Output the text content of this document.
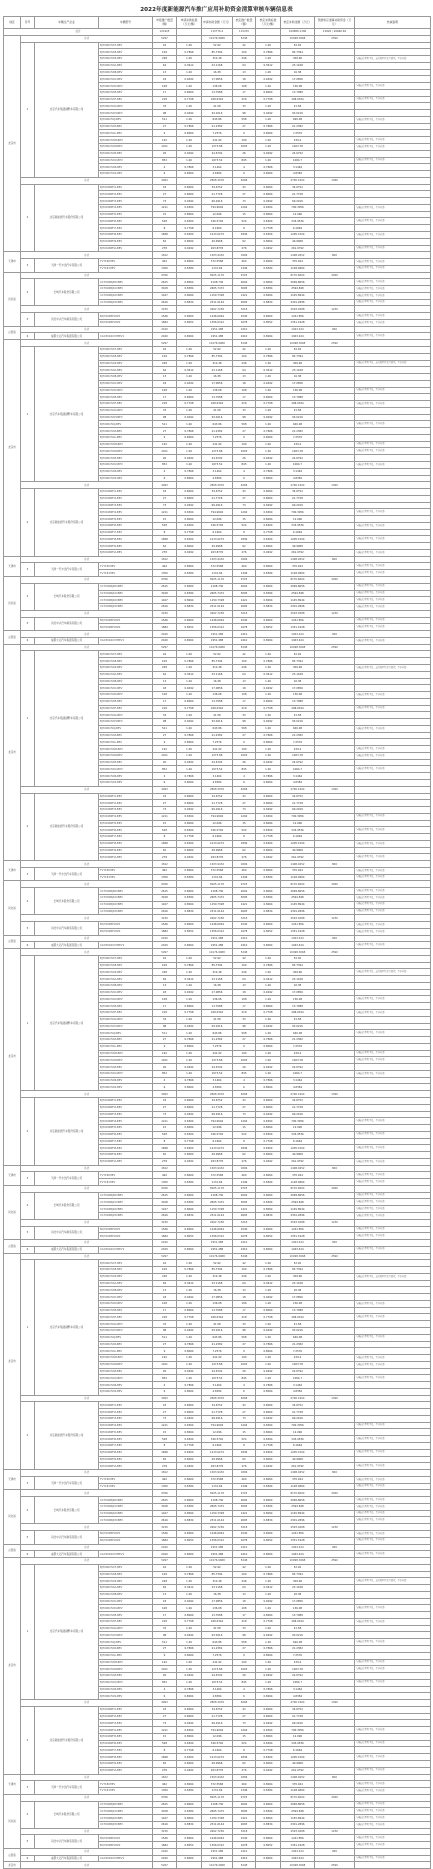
2022年度新能源汽车推广应用补助资金清算审核车辆信息表
地区	序号	车辆生产企业	车辆型号	申报推广数量（辆）	申请补助标准（万元/辆）	申请补助金额（万元）	核定推广数量（辆）	核定补助标准（万元/辆）	核定补助金额（万元）	预拨和应清算补助资金（万元）	核减说明
总计				121925		115776.4	115470		109886.1306	12820 / 26666.69	
北京市	小计			5297		10176.9068	5248		10098.3068	2590	
	1	北京汽车集团越野车有限公司	BJ7000C5D7-BEV	42	1.26	52.92	42	1.26	52.92		
			BJ7000C5D8-BEV	109	0.7866	85.7394	109	0.7866	85.7394		
			BJ7000C5D9-BEV	248	1.26	312.48	246	1.26	309.96		车辆运行里程不足、运行时间不足等原因，不予补助
			BJ7000C5DA-BEV	64	0.3612	23.1168	64	0.3612	23.1168		
			BJ7000C5DB-BEV	13	1.26	16.38	13	1.26	16.38		
			BJ7000C5DC-BEV	18	0.9492	17.0856	18	0.9492	17.0856		
			BJ7000C5DD-BEV	108	1.26	136.08	108	1.26	136.08		车辆运行里程不足，不予补助
			BJ7000C5DE-BEV	17	0.8064	13.7088	17	0.8064	13.7088		
			BJ7000C5DF-BEV	218	0.7708	168.0344	218	0.7708	168.0344		车辆运行里程不足，不予补助
			BJ7000C5DG-BEV	33	1.26	41.58	33	1.26	41.58		
			BJ7000C5DH-BEV	98	0.9492	93.0216	98	0.9492	93.0216		
			BJ7000C5DJ-BEV	511	1.26	643.86	508	1.26	640.08		车辆运行里程不足，不予补助
			BJ7000C5DK-BEV	27	0.7866	21.2382	27	0.7866	21.2382		
			BJ7000C5DL-BEV	9	0.8064	7.2576	9	0.8064	7.2576		
			BJ7000C5DM-BEV	192	1.26	241.92	190	1.26	239.4		车辆运行里程不足，不予补助
			BJ7000C5DN-BEV	1011	1.26	1273.86	1003	1.26	1263.78		车辆运行里程不足，不予补助
			BJ7000C5DP-BEV	26	0.9492	24.6792	26	0.9492	24.6792		
			BJ7000C5DQ-BEV	852	1.26	1073.52	845	1.26	1064.7		车辆运行里程不足，不予补助
			BJ7000C5DR-BEV	4	0.7866	3.1464	4	0.7866	3.1464		
			BJ7000C5DS-BEV	6	0.8064	4.8384	6	0.8064	4.8384		
	小计			4093		2808.3976	4068		2790.1904	1390	
	2	北京新能源汽车股份有限公司	BJ7001BPH1-BEV	43	0.8064	34.6752	43	0.8064	34.6752		
			BJ7001BPH2-BEV	27	0.8064	21.7728	27	0.8064	21.7728		
			BJ7001BPH3-BEV	73	0.9492	69.2916	73	0.9492	69.2916		
			BJ7001BPH4-BEV	1211	0.6564	794.9004	1204	0.6564	790.3056		车辆运行里程不足，不予补助
			BJ7001BPH5-BEV	15	0.8064	12.096	15	0.8064	12.096		
			BJ7001BPH6-BEV	528	0.6564	346.5792	524	0.6564	343.9536		车辆运行里程不足，不予补助
			BJ7001BPH7-BEV	8	0.7708	6.1664	8	0.7708	6.1664		
			BJ7001BPH8-BEV	1848	0.6564	1213.0272	1836	0.6564	1205.1504		车辆运行里程不足，不予补助
			BJ7001BPH9-BEV	62	0.8064	49.9968	62	0.8064	49.9968		
			BJ7001BPHA-BEV	278	0.9492	263.8776	276	0.9492	261.9792		车辆运行里程不足，不予补助
天津市	小计			1812		1503.9432	1806		1498.9452	800	
	3	天津一汽丰田汽车有限公司	TV7180HEV	462	0.8064	372.5568	460	0.8064	370.944		车辆运行里程不足，不予补助
			TV7181HEV	1350	0.8384	1131.84	1346	0.8384	1128.4864		车辆运行里程不足，不予补助
河北省	小计			9766		8205.1176	9725		8170.6604	3940	
	4	长城汽车股份有限公司	CC7000BJ00CBEV	2615	0.8064	2108.736	2604	0.8064	2099.8656		车辆运行里程不足，不予补助
			CC7000BJ01CBEV	3108	0.8384	2605.7472	3095	0.8384	2594.848		车辆运行里程不足，不予补助
			CC7000BJ02CBEV	1427	0.8064	1150.7328	1421	0.8064	1145.8944		车辆运行里程不足，不予补助
			CC7000BJ03CBEV	2616	0.8834	2311.0144	2605	0.8834	2301.2896		车辆运行里程不足，不予补助
	小计			3230		2602.7256	3218		2593.0488	1230	
	5	河北中兴汽车制造有限公司	BQ7002BEVAP1	1546	0.8064	1246.6944	1540	0.8064	1241.856		车辆运行里程不足，不予补助
			BQ7002BEVAP2	1684	0.8052	1356.0312	1678	0.8052	1351.1928		车辆运行里程不足，不予补助
山西省	小计			2420		1951.488	2410		1943.424	900	
	6	成都大运汽车集团有限公司	CGC5040XXYBEV1	2420	0.8064	1951.488	2410	0.8064	1943.424		车辆运行里程不足，不予补助
北京市	小计			5297		10176.9068	5248		10098.3068	2590	
	1	北京汽车集团越野车有限公司	BJ7000C5D7-BEV	42	1.26	52.92	42	1.26	52.92		
			BJ7000C5D8-BEV	109	0.7866	85.7394	109	0.7866	85.7394		
			BJ7000C5D9-BEV	248	1.26	312.48	246	1.26	309.96		车辆运行里程不足、运行时间不足等原因，不予补助
			BJ7000C5DA-BEV	64	0.3612	23.1168	64	0.3612	23.1168		
			BJ7000C5DB-BEV	13	1.26	16.38	13	1.26	16.38		
			BJ7000C5DC-BEV	18	0.9492	17.0856	18	0.9492	17.0856		
			BJ7000C5DD-BEV	108	1.26	136.08	108	1.26	136.08		车辆运行里程不足，不予补助
			BJ7000C5DE-BEV	17	0.8064	13.7088	17	0.8064	13.7088		
			BJ7000C5DF-BEV	218	0.7708	168.0344	218	0.7708	168.0344		车辆运行里程不足，不予补助
			BJ7000C5DG-BEV	33	1.26	41.58	33	1.26	41.58		
			BJ7000C5DH-BEV	98	0.9492	93.0216	98	0.9492	93.0216		
			BJ7000C5DJ-BEV	511	1.26	643.86	508	1.26	640.08		车辆运行里程不足，不予补助
			BJ7000C5DK-BEV	27	0.7866	21.2382	27	0.7866	21.2382		
			BJ7000C5DL-BEV	9	0.8064	7.2576	9	0.8064	7.2576		
			BJ7000C5DM-BEV	192	1.26	241.92	190	1.26	239.4		车辆运行里程不足，不予补助
			BJ7000C5DN-BEV	1011	1.26	1273.86	1003	1.26	1263.78		车辆运行里程不足，不予补助
			BJ7000C5DP-BEV	26	0.9492	24.6792	26	0.9492	24.6792		
			BJ7000C5DQ-BEV	852	1.26	1073.52	845	1.26	1064.7		车辆运行里程不足，不予补助
			BJ7000C5DR-BEV	4	0.7866	3.1464	4	0.7866	3.1464		
			BJ7000C5DS-BEV	6	0.8064	4.8384	6	0.8064	4.8384		
	小计			4093		2808.3976	4068		2790.1904	1390	
	2	北京新能源汽车股份有限公司	BJ7001BPH1-BEV	43	0.8064	34.6752	43	0.8064	34.6752		
			BJ7001BPH2-BEV	27	0.8064	21.7728	27	0.8064	21.7728		
			BJ7001BPH3-BEV	73	0.9492	69.2916	73	0.9492	69.2916		
			BJ7001BPH4-BEV	1211	0.6564	794.9004	1204	0.6564	790.3056		车辆运行里程不足，不予补助
			BJ7001BPH5-BEV	15	0.8064	12.096	15	0.8064	12.096		
			BJ7001BPH6-BEV	528	0.6564	346.5792	524	0.6564	343.9536		车辆运行里程不足，不予补助
			BJ7001BPH7-BEV	8	0.7708	6.1664	8	0.7708	6.1664		
			BJ7001BPH8-BEV	1848	0.6564	1213.0272	1836	0.6564	1205.1504		车辆运行里程不足，不予补助
			BJ7001BPH9-BEV	62	0.8064	49.9968	62	0.8064	49.9968		
			BJ7001BPHA-BEV	278	0.9492	263.8776	276	0.9492	261.9792		车辆运行里程不足，不予补助
天津市	小计			1812		1503.9432	1806		1498.9452	800	
	3	天津一汽丰田汽车有限公司	TV7180HEV	462	0.8064	372.5568	460	0.8064	370.944		车辆运行里程不足，不予补助
			TV7181HEV	1350	0.8384	1131.84	1346	0.8384	1128.4864		车辆运行里程不足，不予补助
河北省	小计			9766		8205.1176	9725		8170.6604	3940	
	4	长城汽车股份有限公司	CC7000BJ00CBEV	2615	0.8064	2108.736	2604	0.8064	2099.8656		车辆运行里程不足，不予补助
			CC7000BJ01CBEV	3108	0.8384	2605.7472	3095	0.8384	2594.848		车辆运行里程不足，不予补助
			CC7000BJ02CBEV	1427	0.8064	1150.7328	1421	0.8064	1145.8944		车辆运行里程不足，不予补助
			CC7000BJ03CBEV	2616	0.8834	2311.0144	2605	0.8834	2301.2896		车辆运行里程不足，不予补助
	小计			3230		2602.7256	3218		2593.0488	1230	
	5	河北中兴汽车制造有限公司	BQ7002BEVAP1	1546	0.8064	1246.6944	1540	0.8064	1241.856		车辆运行里程不足，不予补助
			BQ7002BEVAP2	1684	0.8052	1356.0312	1678	0.8052	1351.1928		车辆运行里程不足，不予补助
山西省	小计			2420		1951.488	2410		1943.424	900	
	6	成都大运汽车集团有限公司	CGC5040XXYBEV1	2420	0.8064	1951.488	2410	0.8064	1943.424		车辆运行里程不足，不予补助
北京市	小计			5297		10176.9068	5248		10098.3068	2590	
	1	北京汽车集团越野车有限公司	BJ7000C5D7-BEV	42	1.26	52.92	42	1.26	52.92		
			BJ7000C5D8-BEV	109	0.7866	85.7394	109	0.7866	85.7394		
			BJ7000C5D9-BEV	248	1.26	312.48	246	1.26	309.96		车辆运行里程不足、运行时间不足等原因，不予补助
			BJ7000C5DA-BEV	64	0.3612	23.1168	64	0.3612	23.1168		
			BJ7000C5DB-BEV	13	1.26	16.38	13	1.26	16.38		
			BJ7000C5DC-BEV	18	0.9492	17.0856	18	0.9492	17.0856		
			BJ7000C5DD-BEV	108	1.26	136.08	108	1.26	136.08		车辆运行里程不足，不予补助
			BJ7000C5DE-BEV	17	0.8064	13.7088	17	0.8064	13.7088		
			BJ7000C5DF-BEV	218	0.7708	168.0344	218	0.7708	168.0344		车辆运行里程不足，不予补助
			BJ7000C5DG-BEV	33	1.26	41.58	33	1.26	41.58		
			BJ7000C5DH-BEV	98	0.9492	93.0216	98	0.9492	93.0216		
			BJ7000C5DJ-BEV	511	1.26	643.86	508	1.26	640.08		车辆运行里程不足，不予补助
			BJ7000C5DK-BEV	27	0.7866	21.2382	27	0.7866	21.2382		
			BJ7000C5DL-BEV	9	0.8064	7.2576	9	0.8064	7.2576		
			BJ7000C5DM-BEV	192	1.26	241.92	190	1.26	239.4		车辆运行里程不足，不予补助
			BJ7000C5DN-BEV	1011	1.26	1273.86	1003	1.26	1263.78		车辆运行里程不足，不予补助
			BJ7000C5DP-BEV	26	0.9492	24.6792	26	0.9492	24.6792		
			BJ7000C5DQ-BEV	852	1.26	1073.52	845	1.26	1064.7		车辆运行里程不足，不予补助
			BJ7000C5DR-BEV	4	0.7866	3.1464	4	0.7866	3.1464		
			BJ7000C5DS-BEV	6	0.8064	4.8384	6	0.8064	4.8384		
	小计			4093		2808.3976	4068		2790.1904	1390	
	2	北京新能源汽车股份有限公司	BJ7001BPH1-BEV	43	0.8064	34.6752	43	0.8064	34.6752		
			BJ7001BPH2-BEV	27	0.8064	21.7728	27	0.8064	21.7728		
			BJ7001BPH3-BEV	73	0.9492	69.2916	73	0.9492	69.2916		
			BJ7001BPH4-BEV	1211	0.6564	794.9004	1204	0.6564	790.3056		车辆运行里程不足，不予补助
			BJ7001BPH5-BEV	15	0.8064	12.096	15	0.8064	12.096		
			BJ7001BPH6-BEV	528	0.6564	346.5792	524	0.6564	343.9536		车辆运行里程不足，不予补助
			BJ7001BPH7-BEV	8	0.7708	6.1664	8	0.7708	6.1664		
			BJ7001BPH8-BEV	1848	0.6564	1213.0272	1836	0.6564	1205.1504		车辆运行里程不足，不予补助
			BJ7001BPH9-BEV	62	0.8064	49.9968	62	0.8064	49.9968		
			BJ7001BPHA-BEV	278	0.9492	263.8776	276	0.9492	261.9792		车辆运行里程不足，不予补助
天津市	小计			1812		1503.9432	1806		1498.9452	800	
	3	天津一汽丰田汽车有限公司	TV7180HEV	462	0.8064	372.5568	460	0.8064	370.944		车辆运行里程不足，不予补助
			TV7181HEV	1350	0.8384	1131.84	1346	0.8384	1128.4864		车辆运行里程不足，不予补助
河北省	小计			9766		8205.1176	9725		8170.6604	3940	
	4	长城汽车股份有限公司	CC7000BJ00CBEV	2615	0.8064	2108.736	2604	0.8064	2099.8656		车辆运行里程不足，不予补助
			CC7000BJ01CBEV	3108	0.8384	2605.7472	3095	0.8384	2594.848		车辆运行里程不足，不予补助
			CC7000BJ02CBEV	1427	0.8064	1150.7328	1421	0.8064	1145.8944		车辆运行里程不足，不予补助
			CC7000BJ03CBEV	2616	0.8834	2311.0144	2605	0.8834	2301.2896		车辆运行里程不足，不予补助
	小计			3230		2602.7256	3218		2593.0488	1230	
	5	河北中兴汽车制造有限公司	BQ7002BEVAP1	1546	0.8064	1246.6944	1540	0.8064	1241.856		车辆运行里程不足，不予补助
			BQ7002BEVAP2	1684	0.8052	1356.0312	1678	0.8052	1351.1928		车辆运行里程不足，不予补助
山西省	小计			2420		1951.488	2410		1943.424	900	
	6	成都大运汽车集团有限公司	CGC5040XXYBEV1	2420	0.8064	1951.488	2410	0.8064	1943.424		车辆运行里程不足，不予补助
北京市	小计			5297		10176.9068	5248		10098.3068	2590	
	1	北京汽车集团越野车有限公司	BJ7000C5D7-BEV	42	1.26	52.92	42	1.26	52.92		
			BJ7000C5D8-BEV	109	0.7866	85.7394	109	0.7866	85.7394		
			BJ7000C5D9-BEV	248	1.26	312.48	246	1.26	309.96		车辆运行里程不足、运行时间不足等原因，不予补助
			BJ7000C5DA-BEV	64	0.3612	23.1168	64	0.3612	23.1168		
			BJ7000C5DB-BEV	13	1.26	16.38	13	1.26	16.38		
			BJ7000C5DC-BEV	18	0.9492	17.0856	18	0.9492	17.0856		
			BJ7000C5DD-BEV	108	1.26	136.08	108	1.26	136.08		车辆运行里程不足，不予补助
			BJ7000C5DE-BEV	17	0.8064	13.7088	17	0.8064	13.7088		
			BJ7000C5DF-BEV	218	0.7708	168.0344	218	0.7708	168.0344		车辆运行里程不足，不予补助
			BJ7000C5DG-BEV	33	1.26	41.58	33	1.26	41.58		
			BJ7000C5DH-BEV	98	0.9492	93.0216	98	0.9492	93.0216		
			BJ7000C5DJ-BEV	511	1.26	643.86	508	1.26	640.08		车辆运行里程不足，不予补助
			BJ7000C5DK-BEV	27	0.7866	21.2382	27	0.7866	21.2382		
			BJ7000C5DL-BEV	9	0.8064	7.2576	9	0.8064	7.2576		
			BJ7000C5DM-BEV	192	1.26	241.92	190	1.26	239.4		车辆运行里程不足，不予补助
			BJ7000C5DN-BEV	1011	1.26	1273.86	1003	1.26	1263.78		车辆运行里程不足，不予补助
			BJ7000C5DP-BEV	26	0.9492	24.6792	26	0.9492	24.6792		
			BJ7000C5DQ-BEV	852	1.26	1073.52	845	1.26	1064.7		车辆运行里程不足，不予补助
			BJ7000C5DR-BEV	4	0.7866	3.1464	4	0.7866	3.1464		
			BJ7000C5DS-BEV	6	0.8064	4.8384	6	0.8064	4.8384		
	小计			4093		2808.3976	4068		2790.1904	1390	
	2	北京新能源汽车股份有限公司	BJ7001BPH1-BEV	43	0.8064	34.6752	43	0.8064	34.6752		
			BJ7001BPH2-BEV	27	0.8064	21.7728	27	0.8064	21.7728		
			BJ7001BPH3-BEV	73	0.9492	69.2916	73	0.9492	69.2916		
			BJ7001BPH4-BEV	1211	0.6564	794.9004	1204	0.6564	790.3056		车辆运行里程不足，不予补助
			BJ7001BPH5-BEV	15	0.8064	12.096	15	0.8064	12.096		
			BJ7001BPH6-BEV	528	0.6564	346.5792	524	0.6564	343.9536		车辆运行里程不足，不予补助
			BJ7001BPH7-BEV	8	0.7708	6.1664	8	0.7708	6.1664		
			BJ7001BPH8-BEV	1848	0.6564	1213.0272	1836	0.6564	1205.1504		车辆运行里程不足，不予补助
			BJ7001BPH9-BEV	62	0.8064	49.9968	62	0.8064	49.9968		
			BJ7001BPHA-BEV	278	0.9492	263.8776	276	0.9492	261.9792		车辆运行里程不足，不予补助
天津市	小计			1812		1503.9432	1806		1498.9452	800	
	3	天津一汽丰田汽车有限公司	TV7180HEV	462	0.8064	372.5568	460	0.8064	370.944		车辆运行里程不足，不予补助
			TV7181HEV	1350	0.8384	1131.84	1346	0.8384	1128.4864		车辆运行里程不足，不予补助
河北省	小计			9766		8205.1176	9725		8170.6604	3940	
	4	长城汽车股份有限公司	CC7000BJ00CBEV	2615	0.8064	2108.736	2604	0.8064	2099.8656		车辆运行里程不足，不予补助
			CC7000BJ01CBEV	3108	0.8384	2605.7472	3095	0.8384	2594.848		车辆运行里程不足，不予补助
			CC7000BJ02CBEV	1427	0.8064	1150.7328	1421	0.8064	1145.8944		车辆运行里程不足，不予补助
			CC7000BJ03CBEV	2616	0.8834	2311.0144	2605	0.8834	2301.2896		车辆运行里程不足，不予补助
	小计			3230		2602.7256	3218		2593.0488	1230	
	5	河北中兴汽车制造有限公司	BQ7002BEVAP1	1546	0.8064	1246.6944	1540	0.8064	1241.856		车辆运行里程不足，不予补助
			BQ7002BEVAP2	1684	0.8052	1356.0312	1678	0.8052	1351.1928		车辆运行里程不足，不予补助
山西省	小计			2420		1951.488	2410		1943.424	900	
	6	成都大运汽车集团有限公司	CGC5040XXYBEV1	2420	0.8064	1951.488	2410	0.8064	1943.424		车辆运行里程不足，不予补助
北京市	小计			5297		10176.9068	5248		10098.3068	2590	
	1	北京汽车集团越野车有限公司	BJ7000C5D7-BEV	42	1.26	52.92	42	1.26	52.92		
			BJ7000C5D8-BEV	109	0.7866	85.7394	109	0.7866	85.7394		
			BJ7000C5D9-BEV	248	1.26	312.48	246	1.26	309.96		车辆运行里程不足、运行时间不足等原因，不予补助
			BJ7000C5DA-BEV	64	0.3612	23.1168	64	0.3612	23.1168		
			BJ7000C5DB-BEV	13	1.26	16.38	13	1.26	16.38		
			BJ7000C5DC-BEV	18	0.9492	17.0856	18	0.9492	17.0856		
			BJ7000C5DD-BEV	108	1.26	136.08	108	1.26	136.08		车辆运行里程不足，不予补助
			BJ7000C5DE-BEV	17	0.8064	13.7088	17	0.8064	13.7088		
			BJ7000C5DF-BEV	218	0.7708	168.0344	218	0.7708	168.0344		车辆运行里程不足，不予补助
			BJ7000C5DG-BEV	33	1.26	41.58	33	1.26	41.58		
			BJ7000C5DH-BEV	98	0.9492	93.0216	98	0.9492	93.0216		
			BJ7000C5DJ-BEV	511	1.26	643.86	508	1.26	640.08		车辆运行里程不足，不予补助
			BJ7000C5DK-BEV	27	0.7866	21.2382	27	0.7866	21.2382		
			BJ7000C5DL-BEV	9	0.8064	7.2576	9	0.8064	7.2576		
			BJ7000C5DM-BEV	192	1.26	241.92	190	1.26	239.4		车辆运行里程不足，不予补助
			BJ7000C5DN-BEV	1011	1.26	1273.86	1003	1.26	1263.78		车辆运行里程不足，不予补助
			BJ7000C5DP-BEV	26	0.9492	24.6792	26	0.9492	24.6792		
			BJ7000C5DQ-BEV	852	1.26	1073.52	845	1.26	1064.7		车辆运行里程不足，不予补助
			BJ7000C5DR-BEV	4	0.7866	3.1464	4	0.7866	3.1464		
			BJ7000C5DS-BEV	6	0.8064	4.8384	6	0.8064	4.8384		
	小计			4093		2808.3976	4068		2790.1904	1390	
	2	北京新能源汽车股份有限公司	BJ7001BPH1-BEV	43	0.8064	34.6752	43	0.8064	34.6752		
			BJ7001BPH2-BEV	27	0.8064	21.7728	27	0.8064	21.7728		
			BJ7001BPH3-BEV	73	0.9492	69.2916	73	0.9492	69.2916		
			BJ7001BPH4-BEV	1211	0.6564	794.9004	1204	0.6564	790.3056		车辆运行里程不足，不予补助
			BJ7001BPH5-BEV	15	0.8064	12.096	15	0.8064	12.096		
			BJ7001BPH6-BEV	528	0.6564	346.5792	524	0.6564	343.9536		车辆运行里程不足，不予补助
			BJ7001BPH7-BEV	8	0.7708	6.1664	8	0.7708	6.1664		
			BJ7001BPH8-BEV	1848	0.6564	1213.0272	1836	0.6564	1205.1504		车辆运行里程不足，不予补助
			BJ7001BPH9-BEV	62	0.8064	49.9968	62	0.8064	49.9968		
			BJ7001BPHA-BEV	278	0.9492	263.8776	276	0.9492	261.9792		车辆运行里程不足，不予补助
天津市	小计			1812		1503.9432	1806		1498.9452	800	
	3	天津一汽丰田汽车有限公司	TV7180HEV	462	0.8064	372.5568	460	0.8064	370.944		车辆运行里程不足，不予补助
			TV7181HEV	1350	0.8384	1131.84	1346	0.8384	1128.4864		车辆运行里程不足，不予补助
河北省	小计			9766		8205.1176	9725		8170.6604	3940	
	4	长城汽车股份有限公司	CC7000BJ00CBEV	2615	0.8064	2108.736	2604	0.8064	2099.8656		车辆运行里程不足，不予补助
			CC7000BJ01CBEV	3108	0.8384	2605.7472	3095	0.8384	2594.848		车辆运行里程不足，不予补助
			CC7000BJ02CBEV	1427	0.8064	1150.7328	1421	0.8064	1145.8944		车辆运行里程不足，不予补助
			CC7000BJ03CBEV	2616	0.8834	2311.0144	2605	0.8834	2301.2896		车辆运行里程不足，不予补助
	小计			3230		2602.7256	3218		2593.0488	1230	
	5	河北中兴汽车制造有限公司	BQ7002BEVAP1	1546	0.8064	1246.6944	1540	0.8064	1241.856		车辆运行里程不足，不予补助
			BQ7002BEVAP2	1684	0.8052	1356.0312	1678	0.8052	1351.1928		车辆运行里程不足，不予补助
山西省	小计			2420		1951.488	2410		1943.424	900	
	6	成都大运汽车集团有限公司	CGC5040XXYBEV1	2420	0.8064	1951.488	2410	0.8064	1943.424		车辆运行里程不足，不予补助
北京市	小计			5297		10176.9068	5248		10098.3068	2590	
	1	北京汽车集团越野车有限公司	BJ7000C5D7-BEV	42	1.26	52.92	42	1.26	52.92		
			BJ7000C5D8-BEV	109	0.7866	85.7394	109	0.7866	85.7394		
			BJ7000C5D9-BEV	248	1.26	312.48	246	1.26	309.96		车辆运行里程不足、运行时间不足等原因，不予补助
			BJ7000C5DA-BEV	64	0.3612	23.1168	64	0.3612	23.1168		
			BJ7000C5DB-BEV	13	1.26	16.38	13	1.26	16.38		
			BJ7000C5DC-BEV	18	0.9492	17.0856	18	0.9492	17.0856		
			BJ7000C5DD-BEV	108	1.26	136.08	108	1.26	136.08		车辆运行里程不足，不予补助
			BJ7000C5DE-BEV	17	0.8064	13.7088	17	0.8064	13.7088		
			BJ7000C5DF-BEV	218	0.7708	168.0344	218	0.7708	168.0344		车辆运行里程不足，不予补助
			BJ7000C5DG-BEV	33	1.26	41.58	33	1.26	41.58		
			BJ7000C5DH-BEV	98	0.9492	93.0216	98	0.9492	93.0216		
			BJ7000C5DJ-BEV	511	1.26	643.86	508	1.26	640.08		车辆运行里程不足，不予补助
			BJ7000C5DK-BEV	27	0.7866	21.2382	27	0.7866	21.2382		
			BJ7000C5DL-BEV	9	0.8064	7.2576	9	0.8064	7.2576		
			BJ7000C5DM-BEV	192	1.26	241.92	190	1.26	239.4		车辆运行里程不足，不予补助
			BJ7000C5DN-BEV	1011	1.26	1273.86	1003	1.26	1263.78		车辆运行里程不足，不予补助
			BJ7000C5DP-BEV	26	0.9492	24.6792	26	0.9492	24.6792		
			BJ7000C5DQ-BEV	852	1.26	1073.52	845	1.26	1064.7		车辆运行里程不足，不予补助
			BJ7000C5DR-BEV	4	0.7866	3.1464	4	0.7866	3.1464		
			BJ7000C5DS-BEV	6	0.8064	4.8384	6	0.8064	4.8384		
	小计			4093		2808.3976	4068		2790.1904	1390	
	2	北京新能源汽车股份有限公司	BJ7001BPH1-BEV	43	0.8064	34.6752	43	0.8064	34.6752		
			BJ7001BPH2-BEV	27	0.8064	21.7728	27	0.8064	21.7728		
			BJ7001BPH3-BEV	73	0.9492	69.2916	73	0.9492	69.2916		
			BJ7001BPH4-BEV	1211	0.6564	794.9004	1204	0.6564	790.3056		车辆运行里程不足，不予补助
			BJ7001BPH5-BEV	15	0.8064	12.096	15	0.8064	12.096		
			BJ7001BPH6-BEV	528	0.6564	346.5792	524	0.6564	343.9536		车辆运行里程不足，不予补助
			BJ7001BPH7-BEV	8	0.7708	6.1664	8	0.7708	6.1664		
			BJ7001BPH8-BEV	1848	0.6564	1213.0272	1836	0.6564	1205.1504		车辆运行里程不足，不予补助
			BJ7001BPH9-BEV	62	0.8064	49.9968	62	0.8064	49.9968		
			BJ7001BPHA-BEV	278	0.9492	263.8776	276	0.9492	261.9792		车辆运行里程不足，不予补助
天津市	小计			1812		1503.9432	1806		1498.9452	800	
	3	天津一汽丰田汽车有限公司	TV7180HEV	462	0.8064	372.5568	460	0.8064	370.944		车辆运行里程不足，不予补助
			TV7181HEV	1350	0.8384	1131.84	1346	0.8384	1128.4864		车辆运行里程不足，不予补助
河北省	小计			9766		8205.1176	9725		8170.6604	3940	
	4	长城汽车股份有限公司	CC7000BJ00CBEV	2615	0.8064	2108.736	2604	0.8064	2099.8656		车辆运行里程不足，不予补助
			CC7000BJ01CBEV	3108	0.8384	2605.7472	3095	0.8384	2594.848		车辆运行里程不足，不予补助
			CC7000BJ02CBEV	1427	0.8064	1150.7328	1421	0.8064	1145.8944		车辆运行里程不足，不予补助
			CC7000BJ03CBEV	2616	0.8834	2311.0144	2605	0.8834	2301.2896		车辆运行里程不足，不予补助
	小计			3230		2602.7256	3218		2593.0488	1230	
	5	河北中兴汽车制造有限公司	BQ7002BEVAP1	1546	0.8064	1246.6944	1540	0.8064	1241.856		车辆运行里程不足，不予补助
			BQ7002BEVAP2	1684	0.8052	1356.0312	1678	0.8052	1351.1928		车辆运行里程不足，不予补助
山西省	小计			2420		1951.488	2410		1943.424	900	
	6	成都大运汽车集团有限公司	CGC5040XXYBEV1	2420	0.8064	1951.488	2410	0.8064	1943.424		车辆运行里程不足，不予补助
北京市	小计			5297		10176.9068	5248		10098.3068	2590	
